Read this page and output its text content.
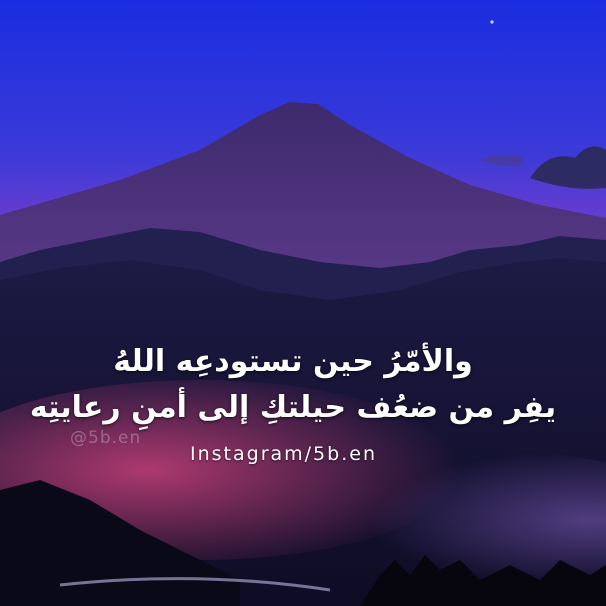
@5b.en
والأمّرُ حين تستودعِه اللهُ
يفِر من ضعُف حيلتكِ إلى أمنِ رعايتِه
Instagram/5b.en
